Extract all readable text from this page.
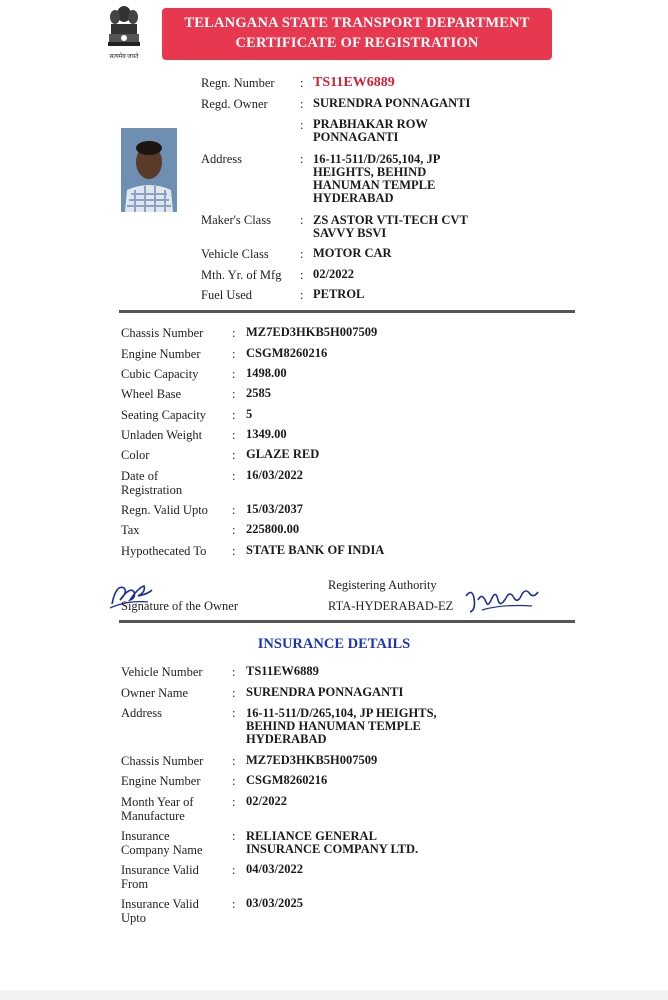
सत्यमेव जयते
TELANGANA STATE TRANSPORT DEPARTMENT
CERTIFICATE OF REGISTRATION
Regn. Number : TS11EW6889
Regd. Owner	: SURENDRA PONNAGANTI
: PRABHAKAR ROW
PONNAGANTI
Address	: 16-11-511/D/265,104, JP
HEIGHTS, BEHIND
HANUMAN TEMPLE
HYDERABAD
Maker's Class : ZS ASTOR VTI-TECH CVT
SAVVY BSVI
Vehicle Class	: MOTOR CAR
Mth. Yr. of Mfg : 02/2022
Fuel Used	: PETROL
Chassis Number : MZ7ED3HKB5H007509
Engine Number	: CSGM8260216
Cubic Capacity	: 1498.00
Wheel Base	: 2585
Seating Capacity : 5
Unladen Weight : 1349.00
Color	: GLAZE RED
Date of
Registration
: 16/03/2022
Regn. Valid Upto : 15/03/2037
Tax	: 225800.00
Hypothecated To : STATE BANK OF INDIA
Signature of the Owner
Registering Authority
RTA-HYDERABAD-EZ
INSURANCE DETAILS
Vehicle Number : TS11EW6889
Owner Name	: SURENDRA PONNAGANTI
Address	: 16-11-511/D/265,104, JP HEIGHTS,
BEHIND HANUMAN TEMPLE
HYDERABAD
Chassis Number : MZ7ED3HKB5H007509
Engine Number	: CSGM8260216
Month Year of
Manufacture
: 02/2022
Insurance
Company Name
: RELIANCE GENERAL
INSURANCE COMPANY LTD.
Insurance Valid
From
: 04/03/2022
Insurance Valid
Upto
: 03/03/2025
